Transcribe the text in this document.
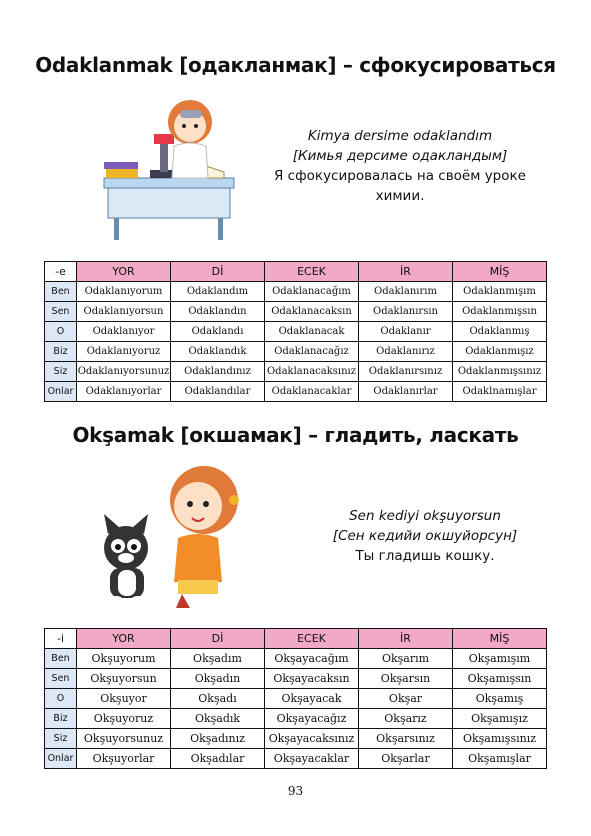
Odaklanmak [одакланмак] – сфокусироваться
Kimya dersime odaklandım
[Кимья дерсиме одакландым]
Я сфокусировалась на своём уроке
химии.
-e	YOR	Dİ	ECEK	İR	MİŞ
Ben	Odaklanıyorum	Odaklandım	Odaklanacağım	Odaklanırım	Odaklanmışım
Sen	Odaklanıyorsun	Odaklandın	Odaklanacaksın	Odaklanırsın	Odaklanmışsın
O	Odaklanıyor	Odaklandı	Odaklanacak	Odaklanır	Odaklanmış
Biz	Odaklanıyoruz	Odaklandık	Odaklanacağız	Odaklanırız	Odaklanmışız
Siz	Odaklanıyorsunuz	Odaklandınız	Odaklanacaksınız	Odaklanırsınız	Odaklanmışsınız
Onlar	Odaklanıyorlar	Odaklandılar	Odaklanacaklar	Odaklanırlar	Odaklnamışlar
Okşamak [окшамак] – гладить, ласкать
Sen kediyi okşuyorsun
[Сен кедийи окшуйорсун]
Ты гладишь кошку.
-i	YOR	Dİ	ECEK	İR	MİŞ
Ben	Okşuyorum	Okşadım	Okşayacağım	Okşarım	Okşamışım
Sen	Okşuyorsun	Okşadın	Okşayacaksın	Okşarsın	Okşamışsın
O	Okşuyor	Okşadı	Okşayacak	Okşar	Okşamış
Biz	Okşuyoruz	Okşadık	Okşayacağız	Okşarız	Okşamışız
Siz	Okşuyorsunuz	Okşadınız	Okşayacaksınız	Okşarsınız	Okşamışsınız
Onlar	Okşuyorlar	Okşadılar	Okşayacaklar	Okşarlar	Okşamışlar
93
